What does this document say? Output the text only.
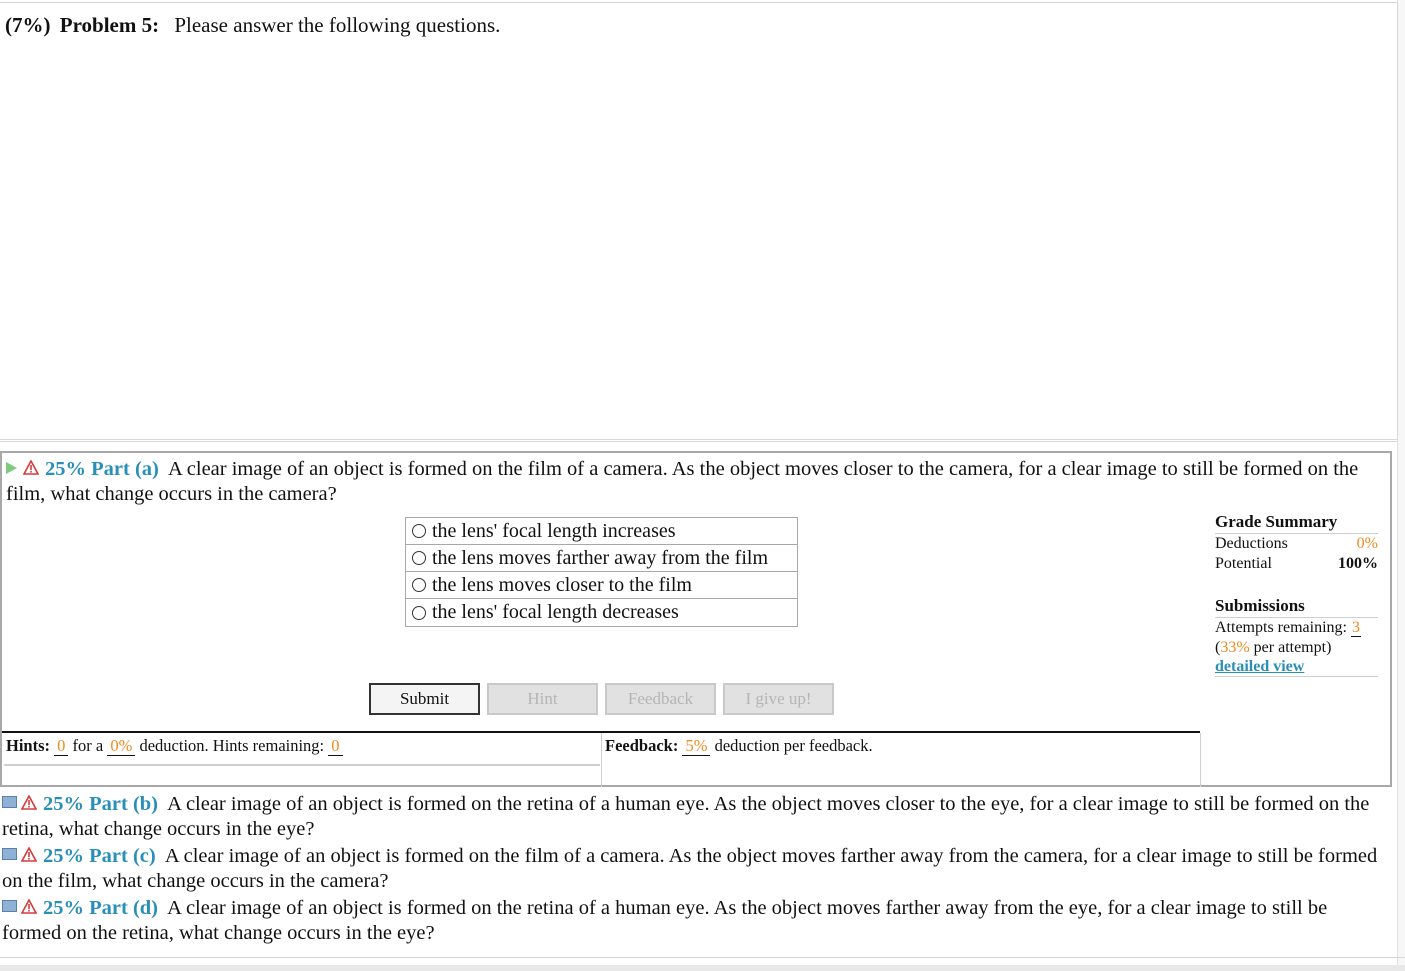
(7%) Problem 5: Please answer the following questions.
25% Part (a) A clear image of an object is formed on the film of a camera. As the object moves closer to the camera, for a clear image to still be formed on the film, what change occurs in the camera?
the lens' focal length increases
the lens moves farther away from the film
the lens moves closer to the film
the lens' focal length decreases
Grade Summary
Deductions	0%
Potential	100%
Submissions
Attempts remaining: 3
(33% per attempt)
detailed view
Submit	Hint	Feedback	I give up!
Hints: 0 for a 0% deduction. Hints remaining: 0	Feedback: 5% deduction per feedback.
25% Part (b) A clear image of an object is formed on the retina of a human eye. As the object moves closer to the eye, for a clear image to still be formed on the retina, what change occurs in the eye?
25% Part (c) A clear image of an object is formed on the film of a camera. As the object moves farther away from the camera, for a clear image to still be formed on the film, what change occurs in the camera?
25% Part (d) A clear image of an object is formed on the retina of a human eye. As the object moves farther away from the eye, for a clear image to still be formed on the retina, what change occurs in the eye?
